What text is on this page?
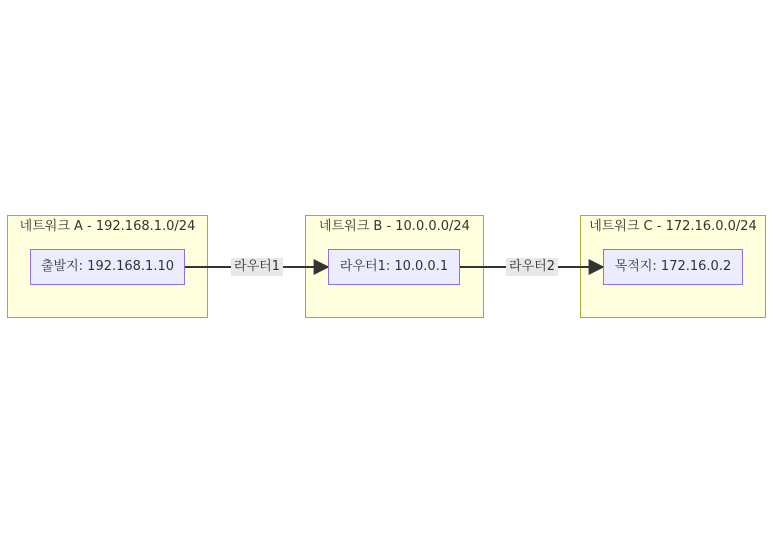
네트워크 A - 192.168.1.0/24	네트워크 B - 10.0.0.0/24	네트워크 C - 172.16.0.0/24
출발지: 192.168.1.10	라우터1: 10.0.0.1	목적지: 172.16.0.2
라우터1	라우터2
